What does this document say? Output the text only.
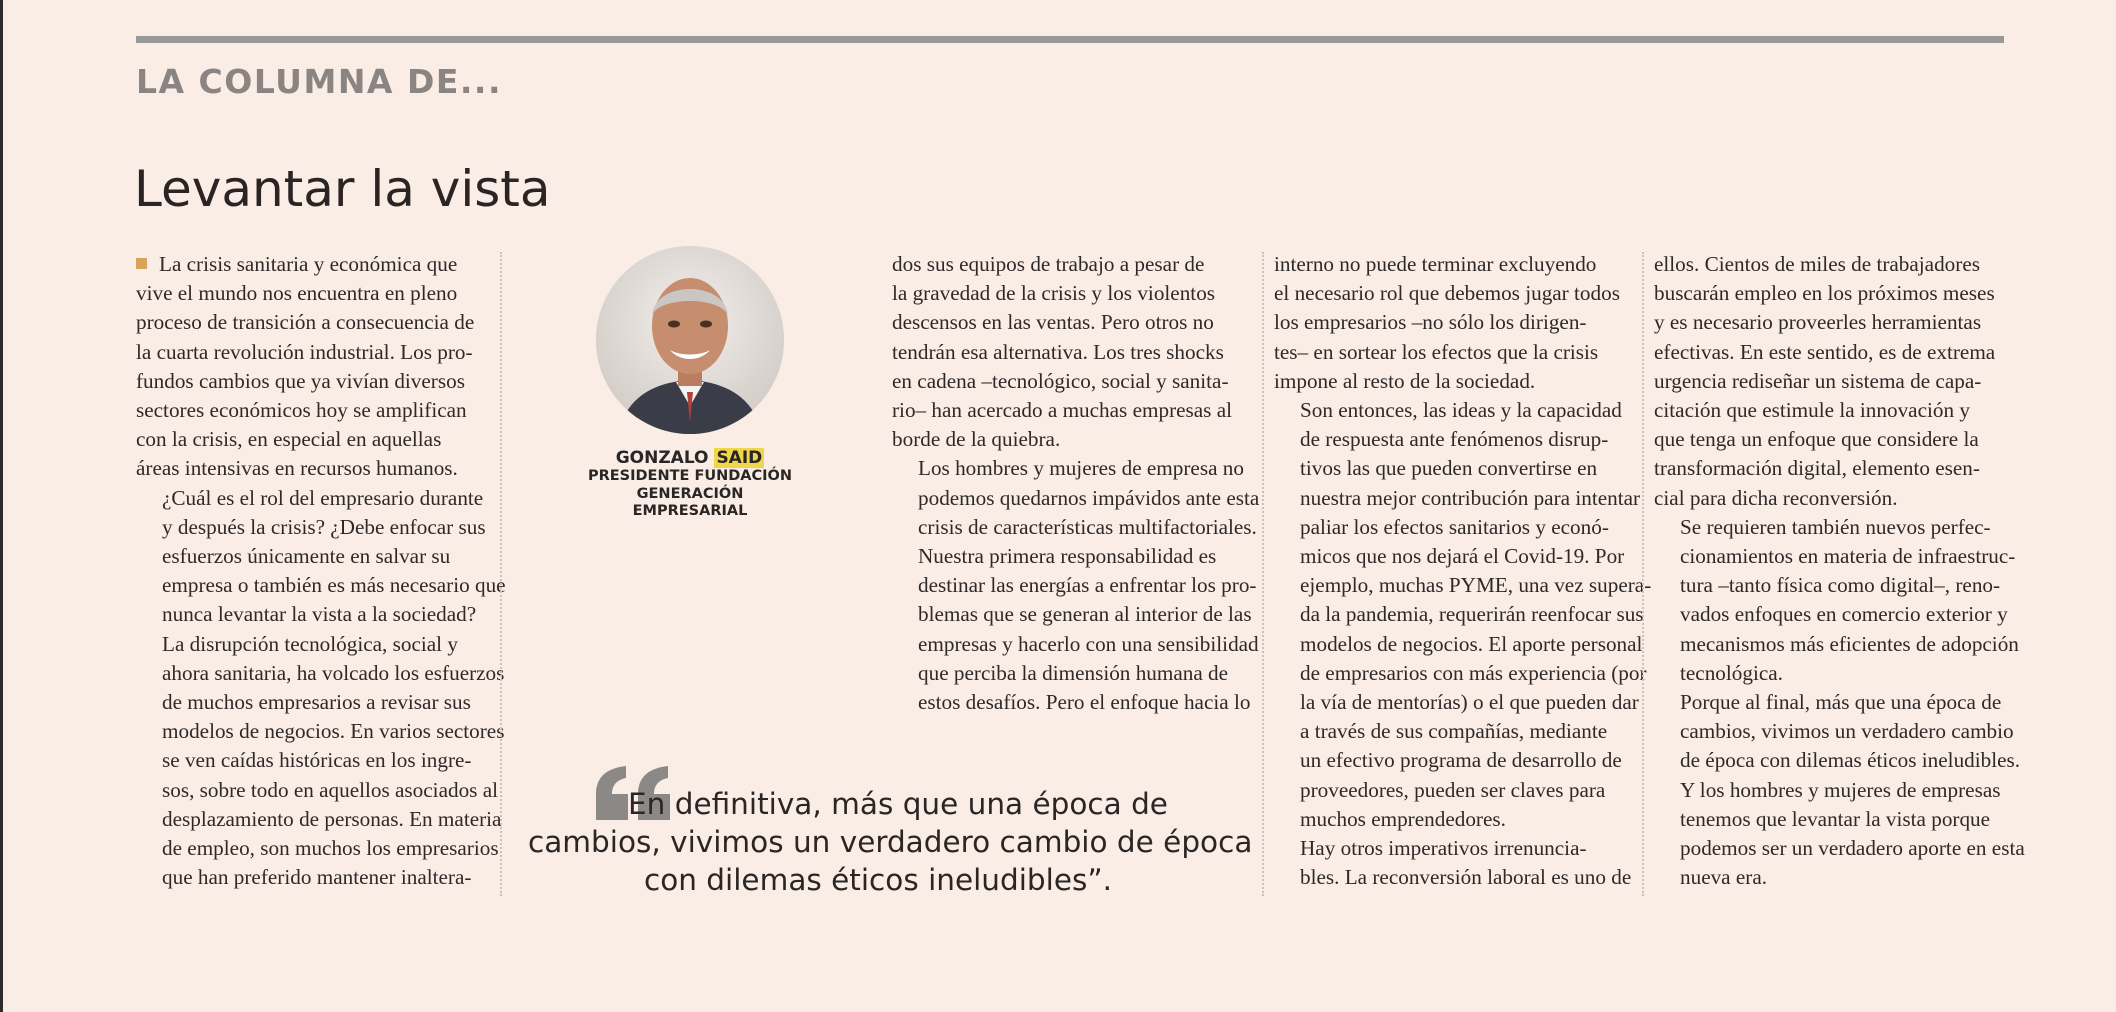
LA COLUMNA DE...
Levantar la vista

La crisis sanitaria y económica que
vive el mundo nos encuentra en pleno
proceso de transición a consecuencia de
la cuarta revolución industrial. Los pro-
fundos cambios que ya vivían diversos
sectores económicos hoy se amplifican
con la crisis, en especial en aquellas
áreas intensivas en recursos humanos.

¿Cuál es el rol del empresario durante
y después la crisis? ¿Debe enfocar sus
esfuerzos únicamente en salvar su
empresa o también es más necesario que
nunca levantar la vista a la sociedad?

La disrupción tecnológica, social y
ahora sanitaria, ha volcado los esfuerzos
de muchos empresarios a revisar sus
modelos de negocios. En varios sectores
se ven caídas históricas en los ingre-
sos, sobre todo en aquellos asociados al
desplazamiento de personas. En materia
de empleo, son muchos los empresarios
que han preferido mantener inaltera-

GONZALO SAID
PRESIDENTE FUNDACIÓN
GENERACIÓN
EMPRESARIAL

dos sus equipos de trabajo a pesar de
la gravedad de la crisis y los violentos
descensos en las ventas. Pero otros no
tendrán esa alternativa. Los tres shocks
en cadena –tecnológico, social y sanita-
rio– han acercado a muchas empresas al
borde de la quiebra.

Los hombres y mujeres de empresa no
podemos quedarnos impávidos ante esta
crisis de características multifactoriales.

Nuestra primera responsabilidad es
destinar las energías a enfrentar los pro-
blemas que se generan al interior de las
empresas y hacerlo con una sensibilidad
que perciba la dimensión humana de
estos desafíos. Pero el enfoque hacia lo

interno no puede terminar excluyendo
el necesario rol que debemos jugar todos
los empresarios –no sólo los dirigen-
tes– en sortear los efectos que la crisis
impone al resto de la sociedad.

Son entonces, las ideas y la capacidad
de respuesta ante fenómenos disrup-
tivos las que pueden convertirse en
nuestra mejor contribución para intentar
paliar los efectos sanitarios y econó-
micos que nos dejará el Covid-19. Por
ejemplo, muchas PYME, una vez supera-
da la pandemia, requerirán reenfocar sus
modelos de negocios. El aporte personal
de empresarios con más experiencia (por
la vía de mentorías) o el que pueden dar
a través de sus compañías, mediante
un efectivo programa de desarrollo de
proveedores, pueden ser claves para
muchos emprendedores.

Hay otros imperativos irrenuncia-
bles. La reconversión laboral es uno de

ellos. Cientos de miles de trabajadores
buscarán empleo en los próximos meses
y es necesario proveerles herramientas
efectivas. En este sentido, es de extrema
urgencia rediseñar un sistema de capa-
citación que estimule la innovación y
que tenga un enfoque que considere la
transformación digital, elemento esen-
cial para dicha reconversión.

Se requieren también nuevos perfec-
cionamientos en materia de infraestruc-
tura –tanto física como digital–, reno-
vados enfoques en comercio exterior y
mecanismos más eficientes de adopción
tecnológica.

Porque al final, más que una época de
cambios, vivimos un verdadero cambio
de época con dilemas éticos ineludibles.
Y los hombres y mujeres de empresas
tenemos que levantar la vista porque
podemos ser un verdadero aporte en esta
nueva era.

En definitiva, más que una época de
cambios, vivimos un verdadero cambio de época
con dilemas éticos ineludibles”.
